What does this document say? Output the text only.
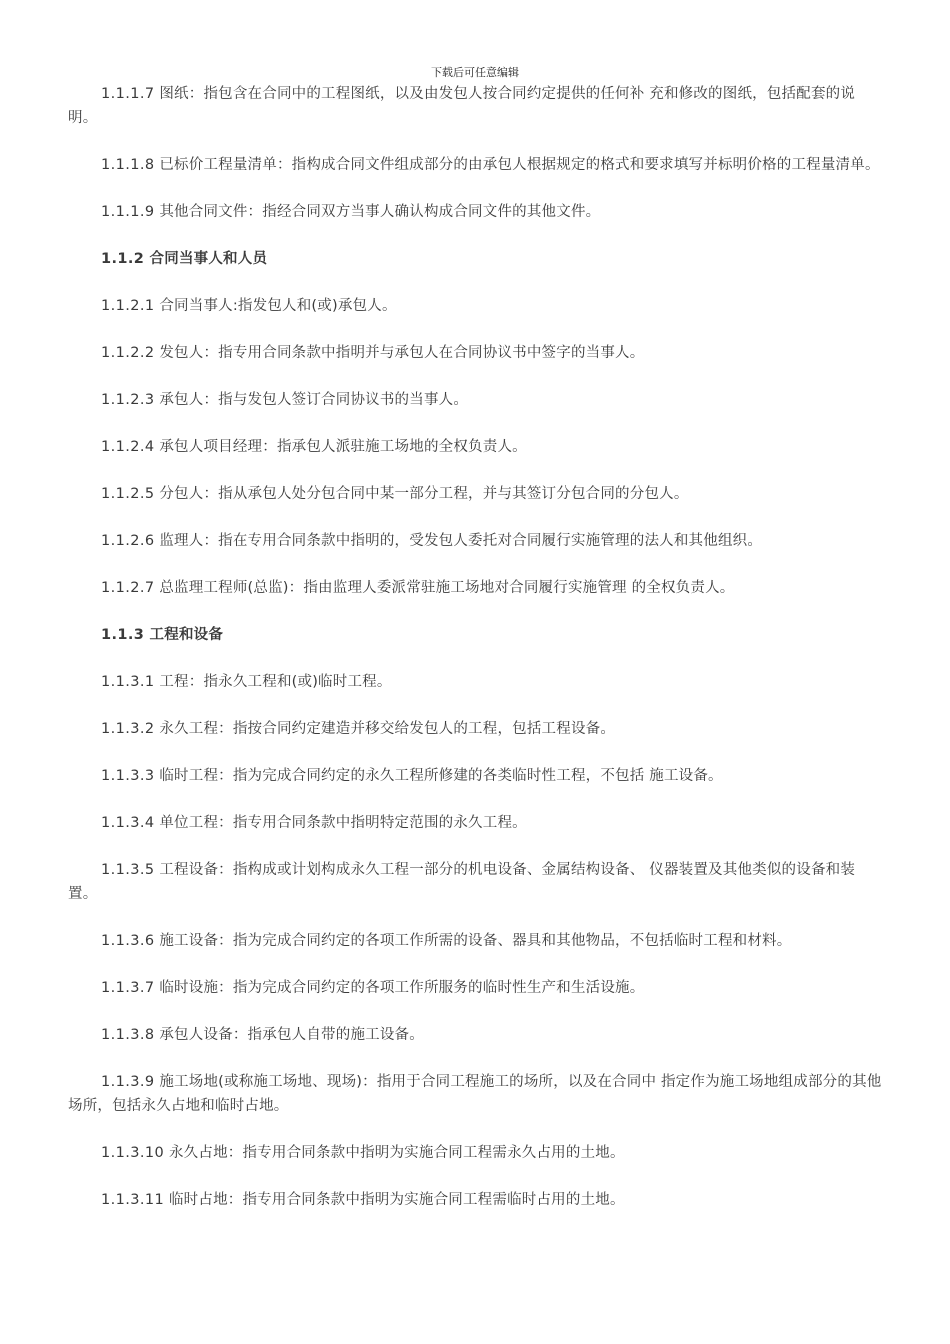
下载后可任意编辑

1.1.1.7 图纸：指包含在合同中的工程图纸，以及由发包人按合同约定提供的任何补 充和修改的图纸，包括配套的说明。

1.1.1.8 已标价工程量清单：指构成合同文件组成部分的由承包人根据规定的格式和要求填写并标明价格的工程量清单。

1.1.1.9 其他合同文件：指经合同双方当事人确认构成合同文件的其他文件。

1.1.2 合同当事人和人员

1.1.2.1 合同当事人:指发包人和(或)承包人。

1.1.2.2 发包人：指专用合同条款中指明并与承包人在合同协议书中签字的当事人。

1.1.2.3 承包人：指与发包人签订合同协议书的当事人。

1.1.2.4 承包人项目经理：指承包人派驻施工场地的全权负责人。

1.1.2.5 分包人：指从承包人处分包合同中某一部分工程，并与其签订分包合同的分包人。

1.1.2.6 监理人：指在专用合同条款中指明的，受发包人委托对合同履行实施管理的法人和其他组织。

1.1.2.7 总监理工程师(总监)：指由监理人委派常驻施工场地对合同履行实施管理 的全权负责人。

1.1.3 工程和设备

1.1.3.1 工程：指永久工程和(或)临时工程。

1.1.3.2 永久工程：指按合同约定建造并移交给发包人的工程，包括工程设备。

1.1.3.3 临时工程：指为完成合同约定的永久工程所修建的各类临时性工程，不包括 施工设备。

1.1.3.4 单位工程：指专用合同条款中指明特定范围的永久工程。

1.1.3.5 工程设备：指构成或计划构成永久工程一部分的机电设备、金属结构设备、 仪器装置及其他类似的设备和装置。

1.1.3.6 施工设备：指为完成合同约定的各项工作所需的设备、器具和其他物品，不包括临时工程和材料。

1.1.3.7 临时设施：指为完成合同约定的各项工作所服务的临时性生产和生活设施。

1.1.3.8 承包人设备：指承包人自带的施工设备。

1.1.3.9 施工场地(或称施工场地、现场)：指用于合同工程施工的场所，以及在合同中 指定作为施工场地组成部分的其他场所，包括永久占地和临时占地。

1.1.3.10 永久占地：指专用合同条款中指明为实施合同工程需永久占用的土地。

1.1.3.11 临时占地：指专用合同条款中指明为实施合同工程需临时占用的土地。
